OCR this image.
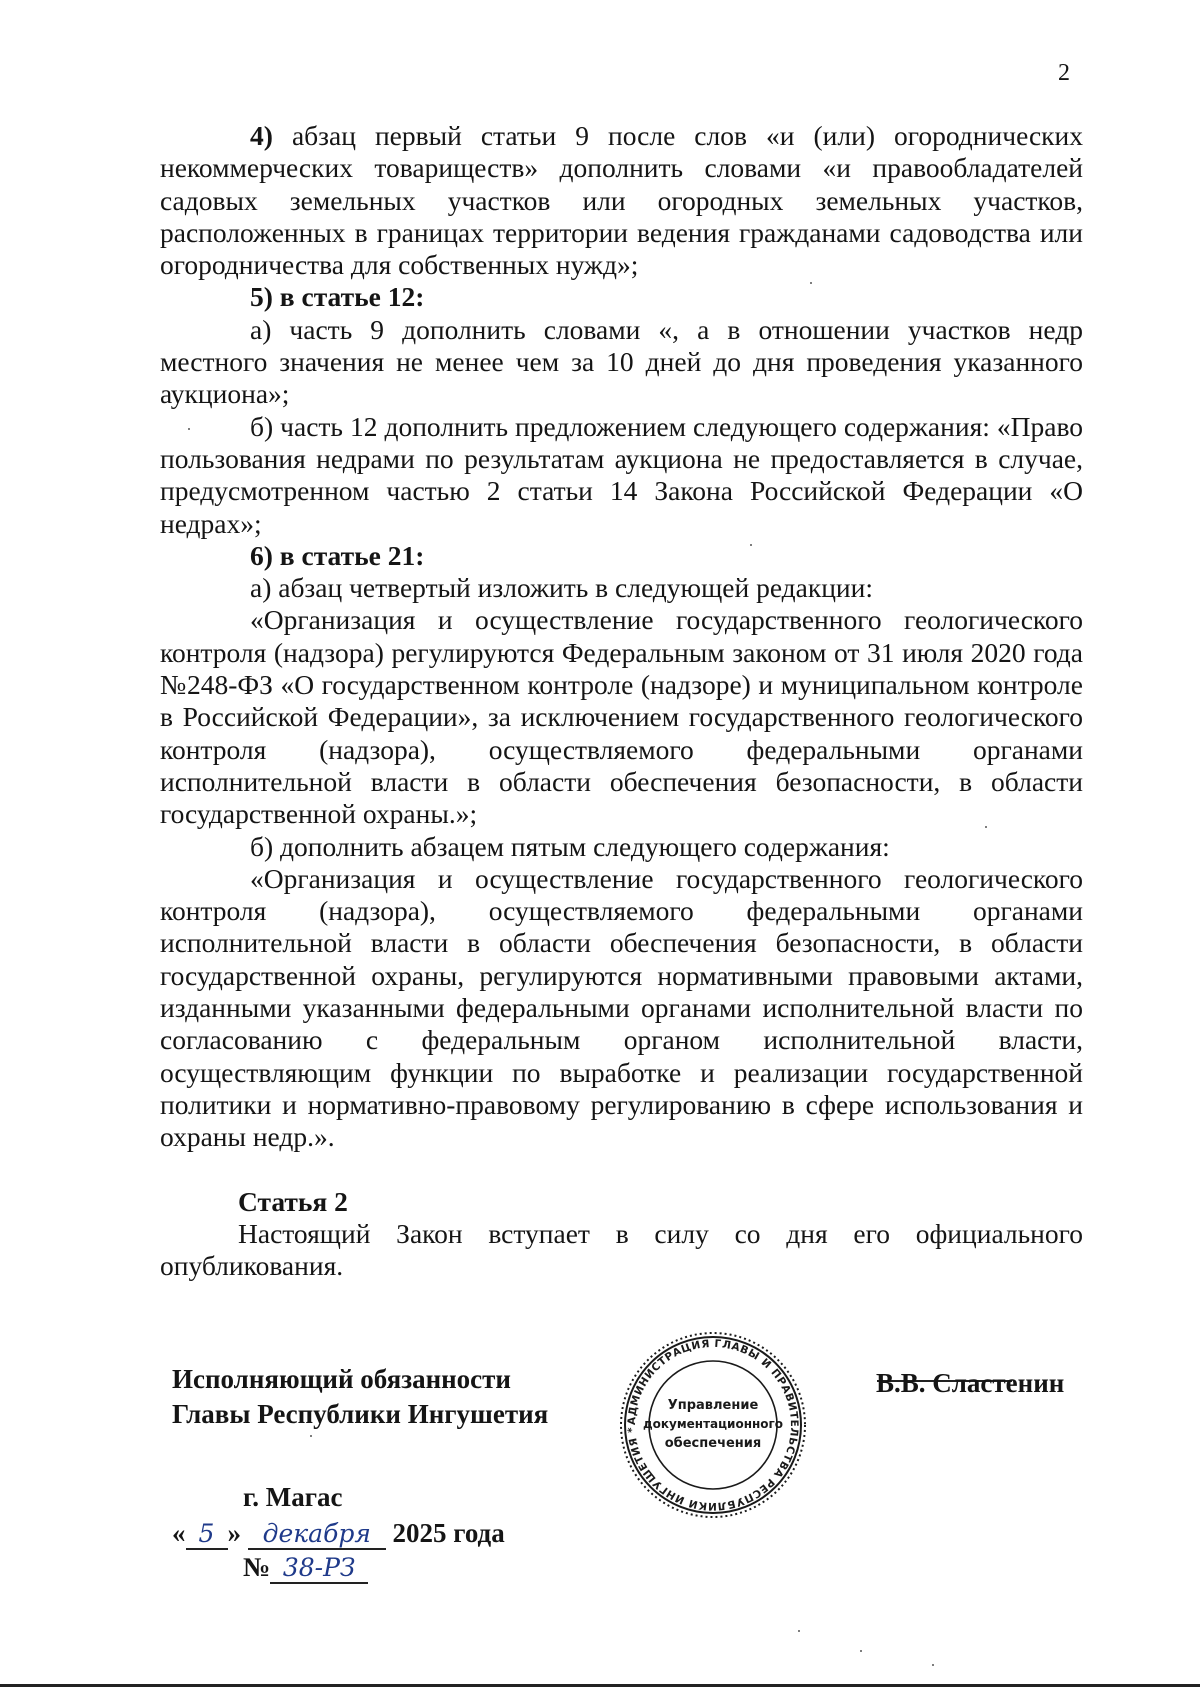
2

4) абзац первый статьи 9 после слов «и (или) огороднических некоммерческих товариществ» дополнить словами «и правообладателей садовых земельных участков или огородных земельных участков, расположенных в границах территории ведения гражданами садоводства или огородничества для собственных нужд»;

5) в статье 12:

а) часть 9 дополнить словами «, а в отношении участков недр местного значения не менее чем за 10 дней до дня проведения указанного аукциона»;

б) часть 12 дополнить предложением следующего содержания: «Право пользования недрами по результатам аукциона не предоставляется в случае, предусмотренном частью 2 статьи 14 Закона Российской Федерации «О недрах»;

6) в статье 21:

а) абзац четвертый изложить в следующей редакции:

«Организация и осуществление государственного геологического контроля (надзора) регулируются Федеральным законом от 31 июля 2020 года №248-ФЗ «О государственном контроле (надзоре) и муниципальном контроле в Российской Федерации», за исключением государственного геологического контроля (надзора), осуществляемого федеральными органами исполнительной власти в области обеспечения безопасности, в области государственной охраны.»;

б) дополнить абзацем пятым следующего содержания:

«Организация и осуществление государственного геологического контроля (надзора), осуществляемого федеральными органами исполнительной власти в области обеспечения безопасности, в области государственной охраны, регулируются нормативными правовыми актами, изданными указанными федеральными органами исполнительной власти по согласованию с федеральным органом исполнительной власти, осуществляющим функции по выработке и реализации государственной политики и нормативно-правовому регулированию в сфере использования и охраны недр.».

Статья 2

Настоящий Закон вступает в силу со дня его официального опубликования.

Исполняющий обязанности
Главы Республики Ингушетия	АДМИНИСТРАЦИЯ ГЛАВЫ И ПРАВИТЕЛЬСТВА РЕСПУБЛИКИ ИНГУШЕТИЯ *
Управление
документационного
обеспечения
В.В. Сластенин
г. Магас
« 5 » декабря 2025 года
№ 38-РЗ
